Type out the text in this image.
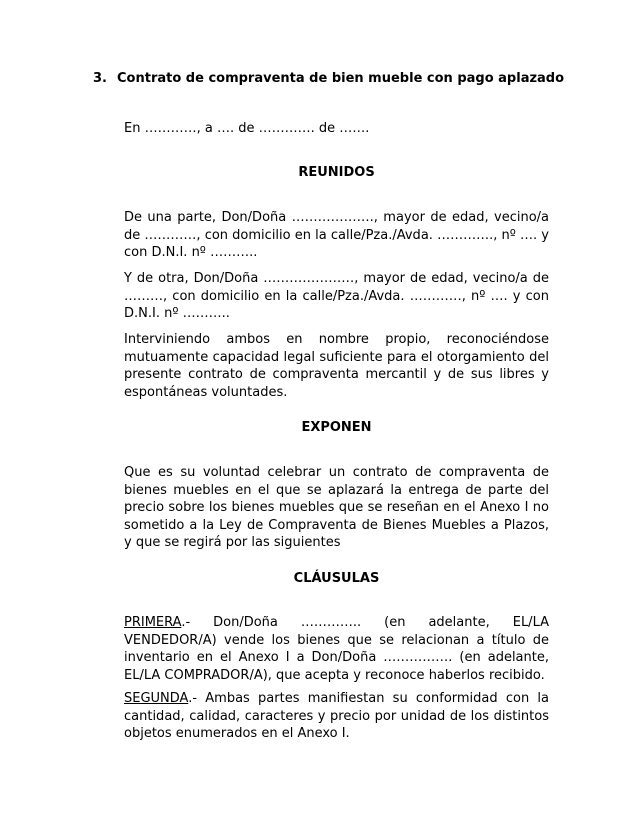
3. Contrato de compraventa de bien mueble con pago aplazado

En …………, a …. de …………. de …….

REUNIDOS

De una parte, Don/Doña ………………., mayor de edad, vecino/a de …………, con domicilio en la calle/Pza./Avda. …………., nº …. y con D.N.I. nº ………..

Y de otra, Don/Doña …………………, mayor de edad, vecino/a de ………, con domicilio en la calle/Pza./Avda. …………, nº …. y con D.N.I. nº ………..

Interviniendo ambos en nombre propio, reconociéndose mutuamente capacidad legal suficiente para el otorgamiento del presente contrato de compraventa mercantil y de sus libres y espontáneas voluntades.

EXPONEN

Que es su voluntad celebrar un contrato de compraventa de bienes muebles en el que se aplazará la entrega de parte del precio sobre los bienes muebles que se reseñan en el Anexo I no sometido a la Ley de Compraventa de Bienes Muebles a Plazos, y que se regirá por las siguientes

CLÁUSULAS

PRIMERA.- Don/Doña ………….. (en adelante, EL/LA VENDEDOR/A) vende los bienes que se relacionan a título de inventario en el Anexo I a Don/Doña ……………. (en adelante, EL/LA COMPRADOR/A), que acepta y reconoce haberlos recibido.

SEGUNDA.- Ambas partes manifiestan su conformidad con la cantidad, calidad, caracteres y precio por unidad de los distintos objetos enumerados en el Anexo I.
